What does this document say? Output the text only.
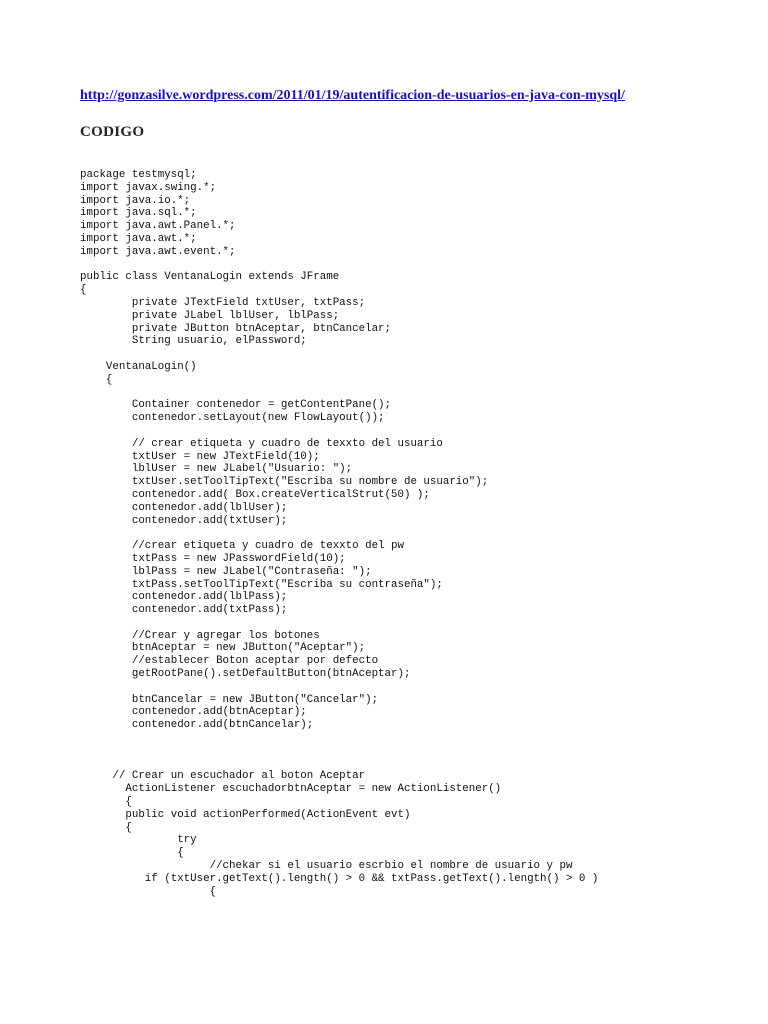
http://gonzasilve.wordpress.com/2011/01/19/autentificacion-de-usuarios-en-java-con-mysql/
CODIGO
package testmysql;
import javax.swing.*;
import java.io.*;
import java.sql.*;
import java.awt.Panel.*;
import java.awt.*;
import java.awt.event.*;
public class VentanaLogin extends JFrame
{
private JTextField txtUser, txtPass;
private JLabel lblUser, lblPass;
private JButton btnAceptar, btnCancelar;
String usuario, elPassword;
VentanaLogin()
{
Container contenedor = getContentPane();
contenedor.setLayout(new FlowLayout());
// crear etiqueta y cuadro de texxto del usuario
txtUser = new JTextField(10);
lblUser = new JLabel("Usuario: ");
txtUser.setToolTipText("Escriba su nombre de usuario");
contenedor.add( Box.createVerticalStrut(50) );
contenedor.add(lblUser);
contenedor.add(txtUser);
//crear etiqueta y cuadro de texxto del pw
txtPass = new JPasswordField(10);
lblPass = new JLabel("Contraseña: ");
txtPass.setToolTipText("Escriba su contraseña");
contenedor.add(lblPass);
contenedor.add(txtPass);
//Crear y agregar los botones
btnAceptar = new JButton("Aceptar");
//establecer Boton aceptar por defecto
getRootPane().setDefaultButton(btnAceptar);
btnCancelar = new JButton("Cancelar");
contenedor.add(btnAceptar);
contenedor.add(btnCancelar);
// Crear un escuchador al boton Aceptar
ActionListener escuchadorbtnAceptar = new ActionListener()
{
public void actionPerformed(ActionEvent evt)
{
try
{
//chekar si el usuario escrbio el nombre de usuario y pw
if (txtUser.getText().length() > 0 && txtPass.getText().length() > 0 )
{
